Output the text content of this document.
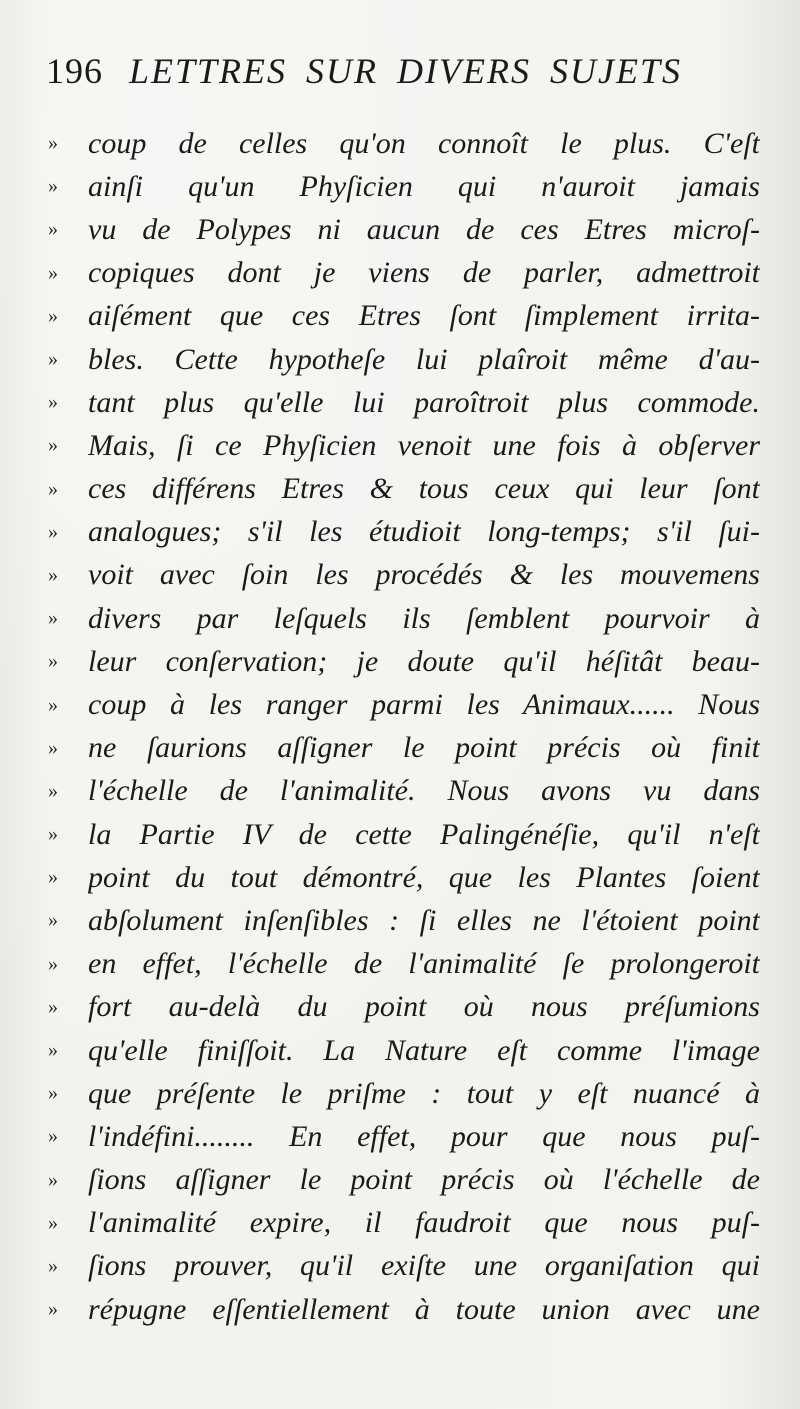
196 LETTRES SUR DIVERS SUJETS
»	coup de celles qu'on connoît le plus. C'eſt
»	ainſi qu'un Phyſicien qui n'auroit jamais
»	vu de Polypes ni aucun de ces Etres microſ-
»	copiques dont je viens de parler, admettroit
»	aiſément que ces Etres ſont ſimplement irrita-
»	bles. Cette hypotheſe lui plaîroit même d'au-
»	tant plus qu'elle lui paroîtroit plus commode.
»	Mais, ſi ce Phyſicien venoit une fois à obſerver
»	ces différens Etres & tous ceux qui leur ſont
»	analogues; s'il les étudioit long-temps; s'il ſui-
»	voit avec ſoin les procédés & les mouvemens
»	divers par leſquels ils ſemblent pourvoir à
»	leur conſervation; je doute qu'il héſitât beau-
»	coup à les ranger parmi les Animaux...... Nous
»	ne ſaurions aſſigner le point précis où finit
»	l'échelle de l'animalité. Nous avons vu dans
»	la Partie IV de cette Palingénéſie, qu'il n'eſt
»	point du tout démontré, que les Plantes ſoient
»	abſolument inſenſibles : ſi elles ne l'étoient point
»	en effet, l'échelle de l'animalité ſe prolongeroit
»	fort au-delà du point où nous préſumions
»	qu'elle finiſſoit. La Nature eſt comme l'image
»	que préſente le priſme : tout y eſt nuancé à
»	l'indéfini........ En effet, pour que nous puſ-
»	ſions aſſigner le point précis où l'échelle de
»	l'animalité expire, il faudroit que nous puſ-
»	ſions prouver, qu'il exiſte une organiſation qui
»	répugne eſſentiellement à toute union avec une
